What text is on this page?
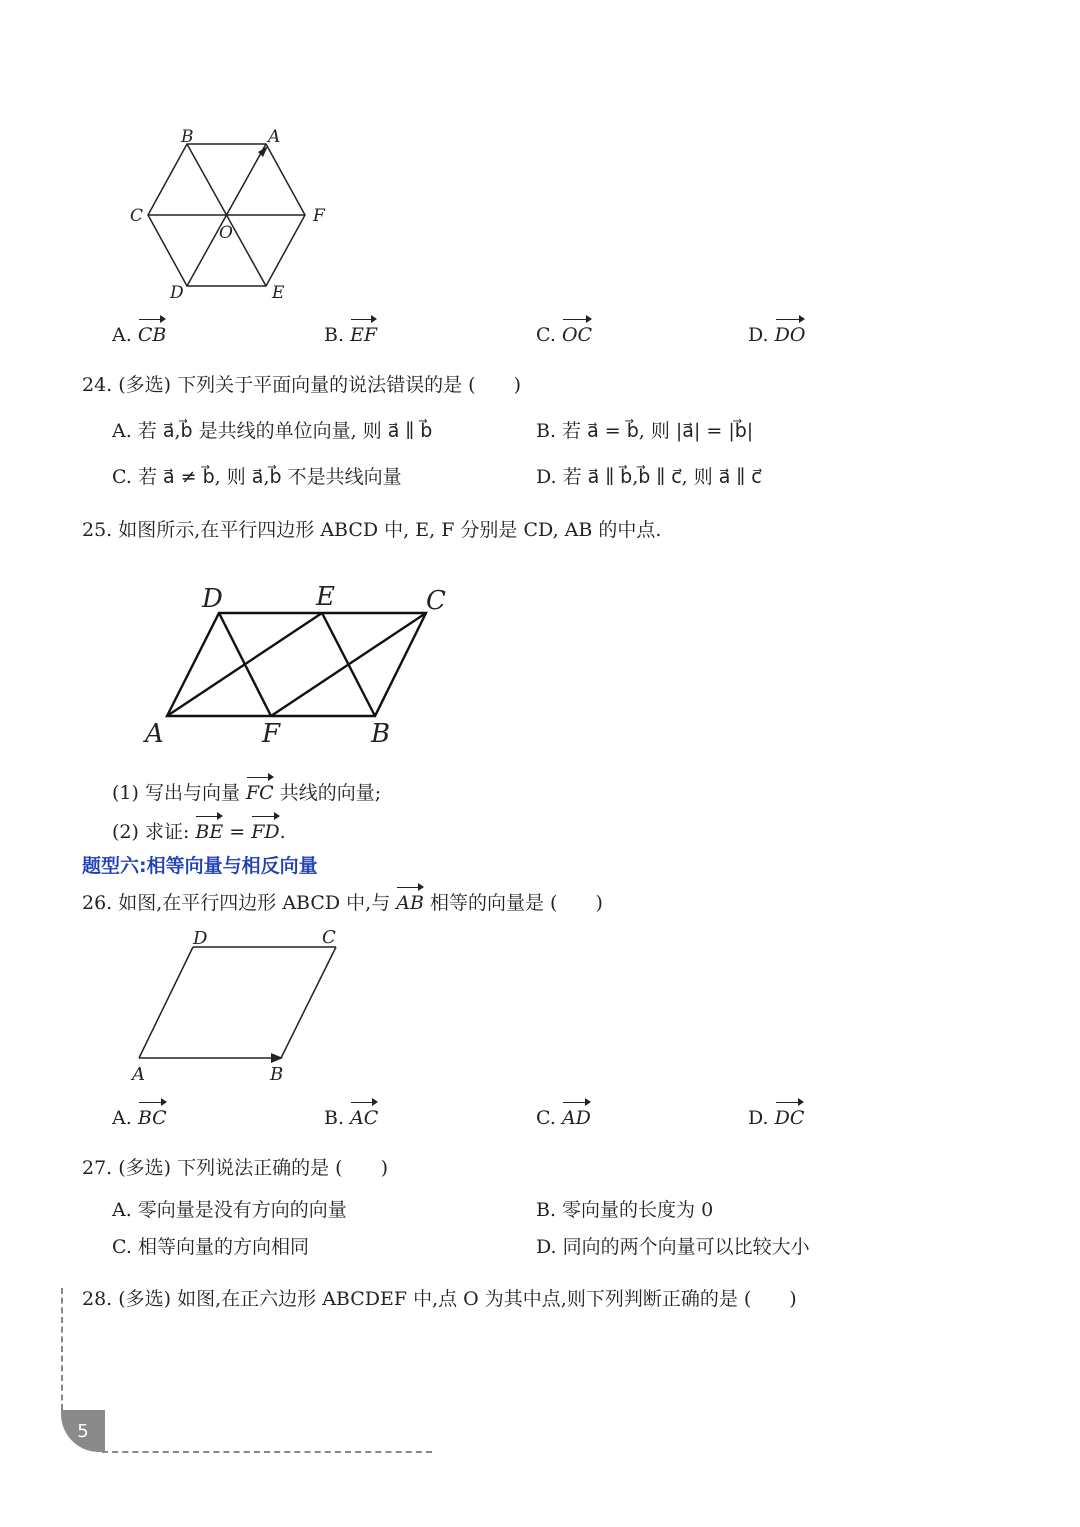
B	A
C	F
O
D	E
A. CB	B. EF	C. OC	D. DO
24. (多选) 下列关于平面向量的说法错误的是 (　　)
A. 若 a⃗,b⃗ 是共线的单位向量, 则 a⃗ ∥ b⃗	B. 若 a⃗ = b⃗, 则 |a⃗| = |b⃗|
C. 若 a⃗ ≠ b⃗, 则 a⃗,b⃗ 不是共线向量	D. 若 a⃗ ∥ b⃗,b⃗ ∥ c⃗, 则 a⃗ ∥ c⃗
25. 如图所示,在平行四边形 ABCD 中, E, F 分别是 CD, AB 的中点.
D	E	C
A	F	B
(1) 写出与向量 FC 共线的向量;
(2) 求证: BE = FD.
题型六:相等向量与相反向量
26. 如图,在平行四边形 ABCD 中,与 AB 相等的向量是 (　　)
D	C
A	B
A. BC	B. AC	C. AD	D. DC
27. (多选) 下列说法正确的是 (　　)
A. 零向量是没有方向的向量	B. 零向量的长度为 0
C. 相等向量的方向相同	D. 同向的两个向量可以比较大小
28. (多选) 如图,在正六边形 ABCDEF 中,点 O 为其中点,则下列判断正确的是 (　　)
5
